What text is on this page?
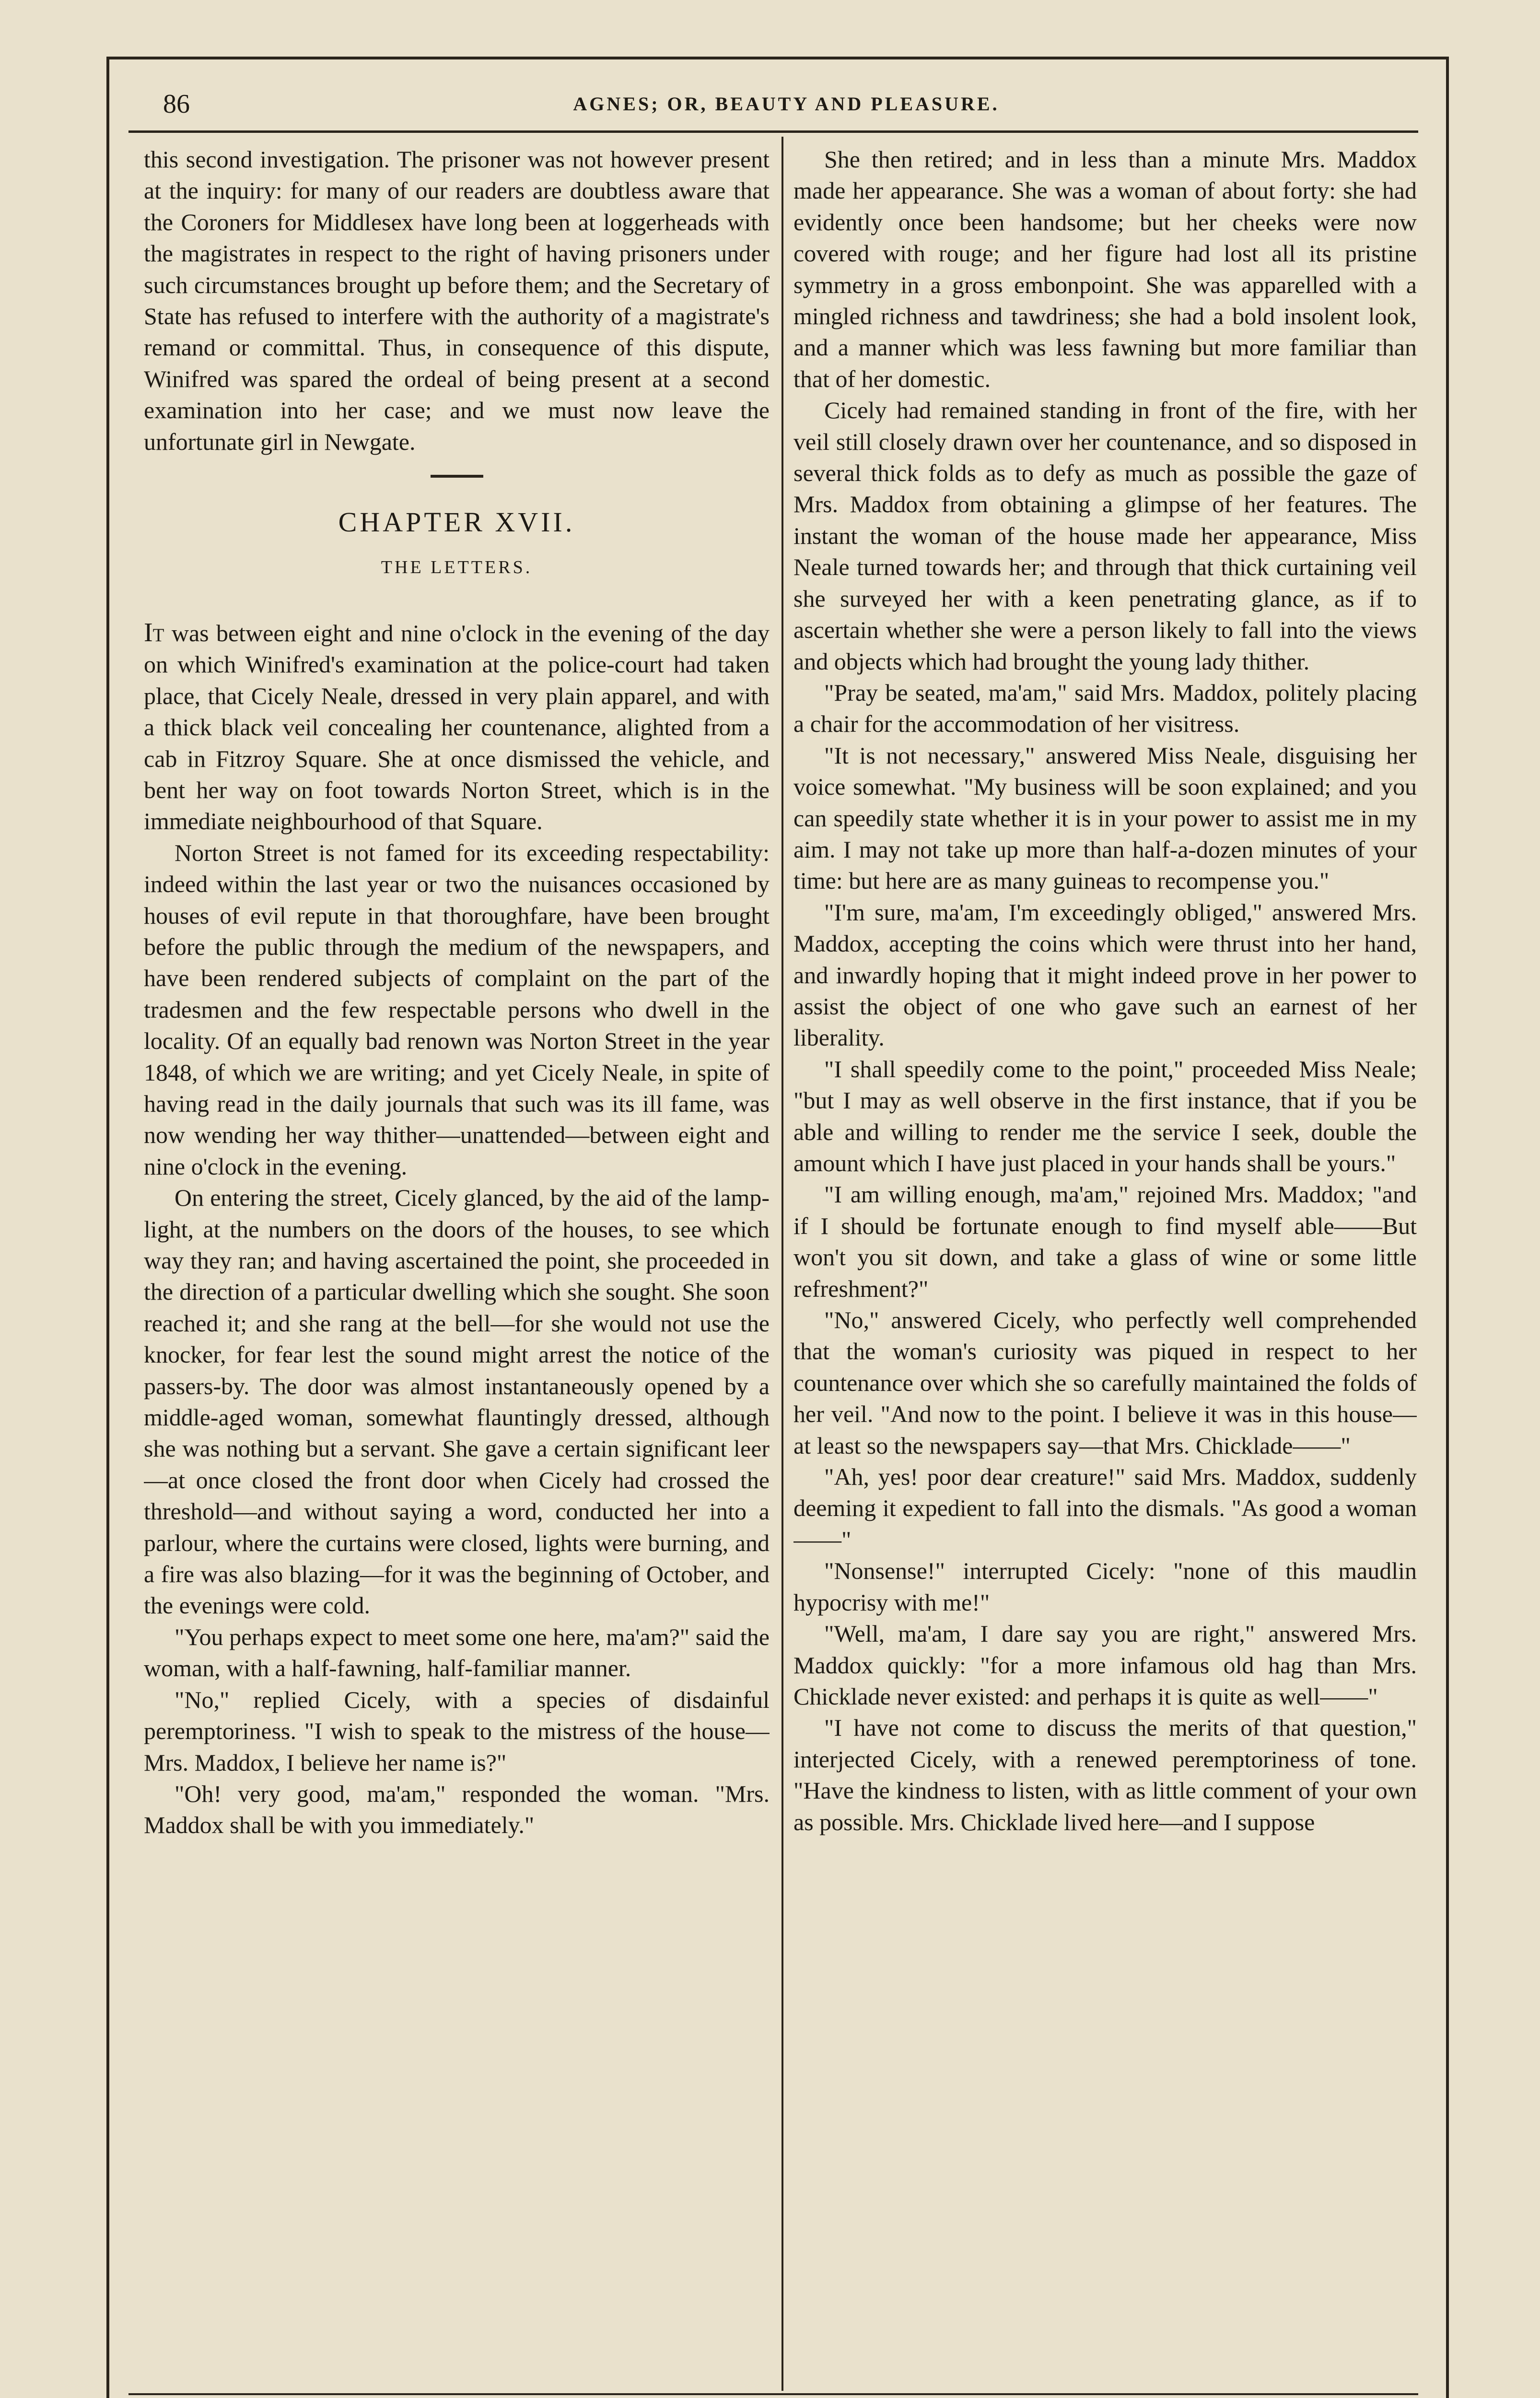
86	AGNES; OR, BEAUTY AND PLEASURE.

this second investigation. The prisoner was not however present at the inquiry: for many of our readers are doubtless aware that the Coroners for Middlesex have long been at loggerheads with the magistrates in respect to the right of having prisoners under such circumstances brought up before them; and the Secretary of State has refused to interfere with the authority of a magistrate's remand or committal. Thus, in consequence of this dispute, Winifred was spared the ordeal of being present at a second examination into her case; and we must now leave the unfortunate girl in Newgate.

CHAPTER XVII.
THE LETTERS.

It was between eight and nine o'clock in the evening of the day on which Winifred's examination at the police-court had taken place, that Cicely Neale, dressed in very plain apparel, and with a thick black veil concealing her countenance, alighted from a cab in Fitzroy Square. She at once dismissed the vehicle, and bent her way on foot towards Norton Street, which is in the immediate neighbourhood of that Square.

Norton Street is not famed for its exceeding respectability: indeed within the last year or two the nuisances occasioned by houses of evil repute in that thoroughfare, have been brought before the public through the medium of the newspapers, and have been rendered subjects of complaint on the part of the tradesmen and the few respectable persons who dwell in the locality. Of an equally bad renown was Norton Street in the year 1848, of which we are writing; and yet Cicely Neale, in spite of having read in the daily journals that such was its ill fame, was now wending her way thither—unattended—between eight and nine o'clock in the evening.

On entering the street, Cicely glanced, by the aid of the lamp-light, at the numbers on the doors of the houses, to see which way they ran; and having ascertained the point, she proceeded in the direction of a particular dwelling which she sought. She soon reached it; and she rang at the bell—for she would not use the knocker, for fear lest the sound might arrest the notice of the passers-by. The door was almost instantaneously opened by a middle-aged woman, somewhat flauntingly dressed, although she was nothing but a servant. She gave a certain significant leer—at once closed the front door when Cicely had crossed the threshold—and without saying a word, conducted her into a parlour, where the curtains were closed, lights were burning, and a fire was also blazing—for it was the beginning of October, and the evenings were cold.

"You perhaps expect to meet some one here, ma'am?" said the woman, with a half-fawning, half-familiar manner.

"No," replied Cicely, with a species of disdainful peremptoriness. "I wish to speak to the mistress of the house—Mrs. Maddox, I believe her name is?"

"Oh! very good, ma'am," responded the woman. "Mrs. Maddox shall be with you immediately."

She then retired; and in less than a minute Mrs. Maddox made her appearance. She was a woman of about forty: she had evidently once been handsome; but her cheeks were now covered with rouge; and her figure had lost all its pristine symmetry in a gross embonpoint. She was apparelled with a mingled richness and tawdriness; she had a bold insolent look, and a manner which was less fawning but more familiar than that of her domestic.

Cicely had remained standing in front of the fire, with her veil still closely drawn over her countenance, and so disposed in several thick folds as to defy as much as possible the gaze of Mrs. Maddox from obtaining a glimpse of her features. The instant the woman of the house made her appearance, Miss Neale turned towards her; and through that thick curtaining veil she surveyed her with a keen penetrating glance, as if to ascertain whether she were a person likely to fall into the views and objects which had brought the young lady thither.

"Pray be seated, ma'am," said Mrs. Maddox, politely placing a chair for the accommodation of her visitress.

"It is not necessary," answered Miss Neale, disguising her voice somewhat. "My business will be soon explained; and you can speedily state whether it is in your power to assist me in my aim. I may not take up more than half-a-dozen minutes of your time: but here are as many guineas to recompense you."

"I'm sure, ma'am, I'm exceedingly obliged," answered Mrs. Maddox, accepting the coins which were thrust into her hand, and inwardly hoping that it might indeed prove in her power to assist the object of one who gave such an earnest of her liberality.

"I shall speedily come to the point," proceeded Miss Neale; "but I may as well observe in the first instance, that if you be able and willing to render me the service I seek, double the amount which I have just placed in your hands shall be yours."

"I am willing enough, ma'am," rejoined Mrs. Maddox; "and if I should be fortunate enough to find myself able——But won't you sit down, and take a glass of wine or some little refreshment?"

"No," answered Cicely, who perfectly well comprehended that the woman's curiosity was piqued in respect to her countenance over which she so carefully maintained the folds of her veil. "And now to the point. I believe it was in this house—at least so the newspapers say—that Mrs. Chicklade——"

"Ah, yes! poor dear creature!" said Mrs. Maddox, suddenly deeming it expedient to fall into the dismals. "As good a woman——"

"Nonsense!" interrupted Cicely: "none of this maudlin hypocrisy with me!"

"Well, ma'am, I dare say you are right," answered Mrs. Maddox quickly: "for a more infamous old hag than Mrs. Chicklade never existed: and perhaps it is quite as well——"

"I have not come to discuss the merits of that question," interjected Cicely, with a renewed peremptoriness of tone. "Have the kindness to listen, with as little comment of your own as possible. Mrs. Chicklade lived here—and I suppose
